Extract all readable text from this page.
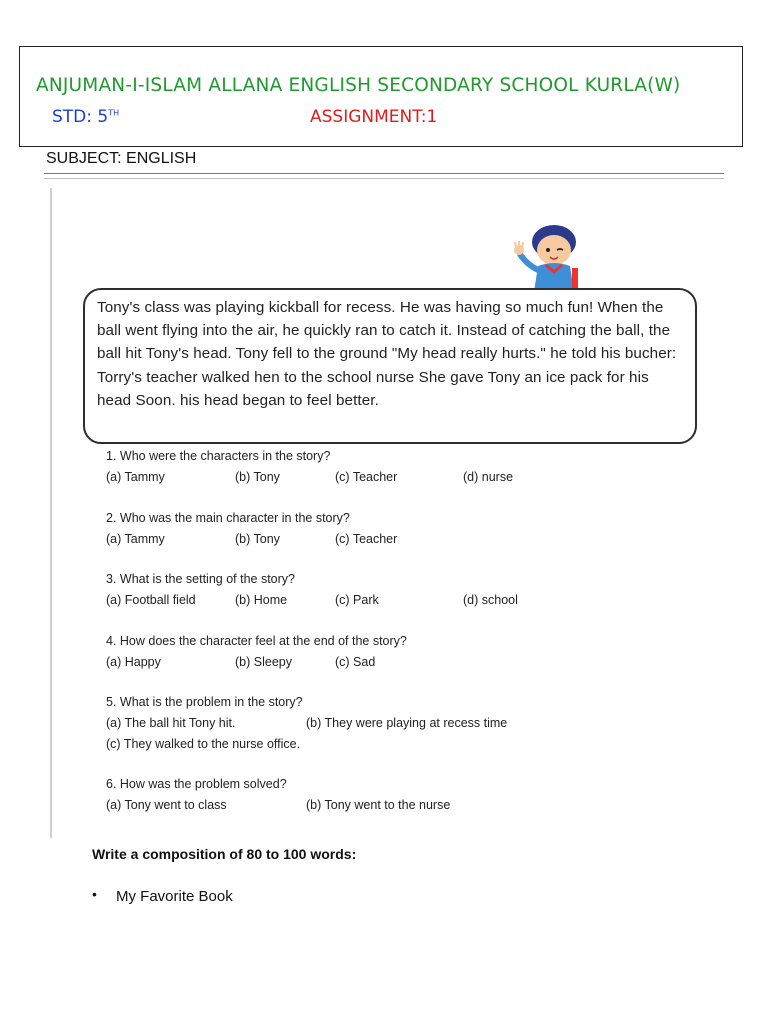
ANJUMAN-I-ISLAM ALLANA ENGLISH SECONDARY SCHOOL KURLA(W)
STD: 5TH	ASSIGNMENT:1
SUBJECT: ENGLISH
Tony's class was playing kickball for recess. He was having so much fun! When the ball went flying into the air, he quickly ran to catch it. Instead of catching the ball, the ball hit Tony's head. Tony fell to the ground "My head really hurts." he told his bucher: Torry's teacher walked hen to the school nurse She gave Tony an ice pack for his head Soon. his head began to feel better.
1. Who were the characters in the story?
(a) Tammy	(b) Tony	(c) Teacher	(d) nurse
2. Who was the main character in the story?
(a) Tammy	(b) Tony	(c) Teacher
3. What is the setting of the story?
(a) Football field	(b) Home	(c) Park	(d) school
4. How does the character feel at the end of the story?
(a) Happy	(b) Sleepy	(c) Sad
5. What is the problem in the story?
(a) The ball hit Tony hit.	(b) They were playing at recess time
(c) They walked to the nurse office.
6. How was the problem solved?
(a) Tony went to class	(b) Tony went to the nurse
Write a composition of 80 to 100 words:
• My Favorite Book
